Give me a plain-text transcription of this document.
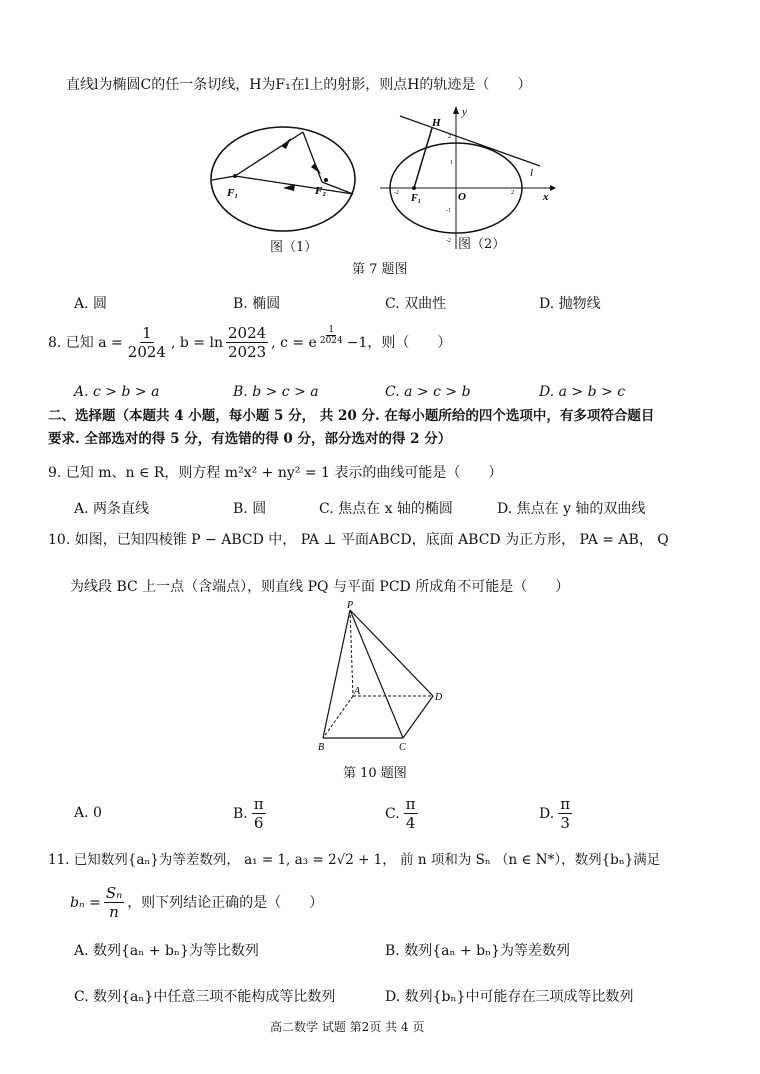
直线l为椭圆C的任一条切线，H为F₁在l上的射影，则点H的轨迹是（　　）
F₁	F₂
图（1）
H
y
x
O
F₁
l
2
1
-1
-2
-2	2
图（2）
第 7 题图
A. 圆	B. 椭圆	C. 双曲性	D. 抛物线
8. 已知 $a = \frac{1}{2024}$ , $b = \ln \frac{2024}{2023}$ , c = e $\frac{1}{2024} -1$，则（　　）
A. c > b > a	B. b > c > a	C. a > c > b	D. a > b > c
二、选择题（本题共 4 小题，每小题 5 分， 共 20 分. 在每小题所给的四个选项中，有多项符合题目
要求. 全部选对的得 5 分，有选错的得 0 分，部分选对的得 2 分）
9. 已知 m、n ∈ R，则方程 m²x² + ny² = 1 表示的曲线可能是（　　）
A. 两条直线	B. 圆	C. 焦点在 x 轴的椭圆	D. 焦点在 y 轴的双曲线
10. 如图，已知四棱锥 P − ABCD 中， PA ⊥ 平面ABCD，底面 ABCD 为正方形， PA = AB， Q
为线段 BC 上一点（含端点），则直线 PQ 与平面 PCD 所成角不可能是（　　）
P
A
B	C
D
第 10 题图
A. 0	B. $\frac{\pi}{6}$	C. $\frac{\pi}{4}$	D. $\frac{\pi}{3}$
11. 已知数列{aₙ}为等差数列， a₁ = 1, a₃ = 2√2 + 1， 前 n 项和为 Sₙ （n ∈ N*），数列{bₙ}满足
$b_n = \frac{\text{Sₙ}}{n}$ ，则下列结论正确的是（　　）
A. 数列{aₙ + bₙ}为等比数列	B. 数列{aₙ + bₙ}为等差数列
C. 数列{aₙ}中任意三项不能构成等比数列	D. 数列{bₙ}中可能存在三项成等比数列
高二数学 试题 第2页 共 4 页
